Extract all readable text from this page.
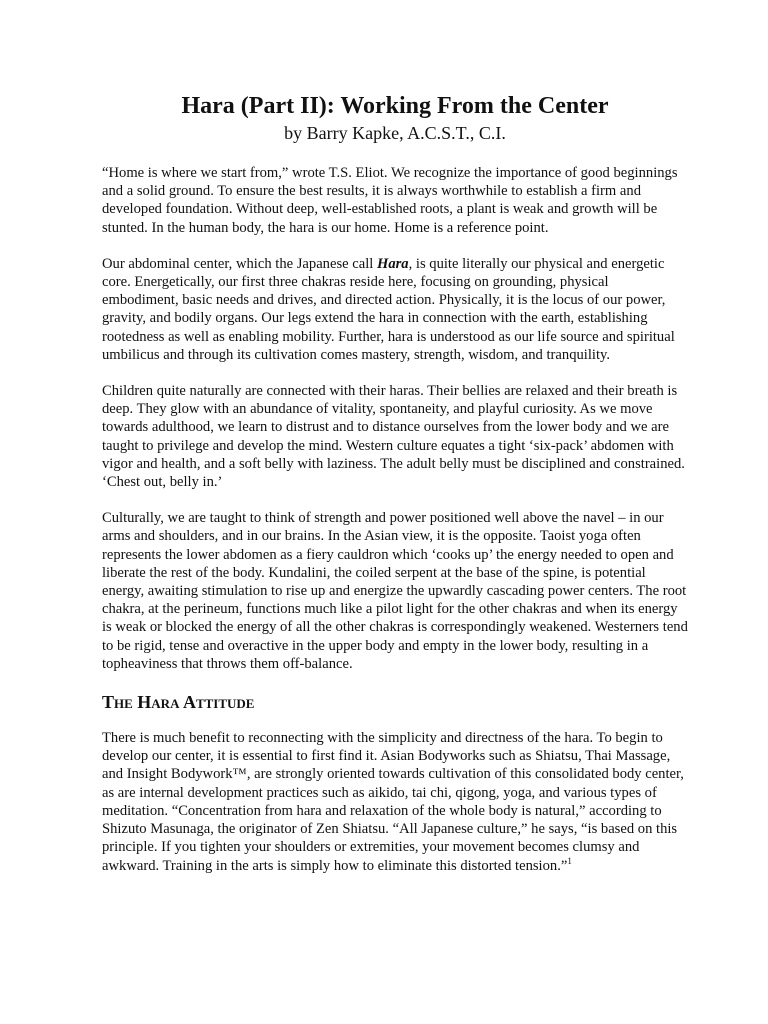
Hara (Part II): Working From the Center
by Barry Kapke, A.C.S.T., C.I.

“Home is where we start from,” wrote T.S. Eliot. We recognize the importance of good beginnings and a solid ground. To ensure the best results, it is always worthwhile to establish a firm and developed foundation. Without deep, well-established roots, a plant is weak and growth will be stunted. In the human body, the hara is our home. Home is a reference point.

Our abdominal center, which the Japanese call Hara, is quite literally our physical and energetic core. Energetically, our first three chakras reside here, focusing on grounding, physical embodiment, basic needs and drives, and directed action. Physically, it is the locus of our power, gravity, and bodily organs. Our legs extend the hara in connection with the earth, establishing rootedness as well as enabling mobility. Further, hara is understood as our life source and spiritual umbilicus and through its cultivation comes mastery, strength, wisdom, and tranquility.

Children quite naturally are connected with their haras. Their bellies are relaxed and their breath is deep. They glow with an abundance of vitality, spontaneity, and playful curiosity. As we move towards adulthood, we learn to distrust and to distance ourselves from the lower body and we are taught to privilege and develop the mind. Western culture equates a tight ‘six-pack’ abdomen with vigor and health, and a soft belly with laziness. The adult belly must be disciplined and constrained. ‘Chest out, belly in.’

Culturally, we are taught to think of strength and power positioned well above the navel – in our arms and shoulders, and in our brains. In the Asian view, it is the opposite. Taoist yoga often represents the lower abdomen as a fiery cauldron which ‘cooks up’ the energy needed to open and liberate the rest of the body. Kundalini, the coiled serpent at the base of the spine, is potential energy, awaiting stimulation to rise up and energize the upwardly cascading power centers. The root chakra, at the perineum, functions much like a pilot light for the other chakras and when its energy is weak or blocked the energy of all the other chakras is correspondingly weakened. Westerners tend to be rigid, tense and overactive in the upper body and empty in the lower body, resulting in a topheaviness that throws them off-balance.

The Hara Attitude

There is much benefit to reconnecting with the simplicity and directness of the hara. To begin to develop our center, it is essential to first find it. Asian Bodyworks such as Shiatsu, Thai Massage, and Insight Bodywork™, are strongly oriented towards cultivation of this consolidated body center, as are internal development practices such as aikido, tai chi, qigong, yoga, and various types of meditation. “Concentration from hara and relaxation of the whole body is natural,” according to Shizuto Masunaga, the originator of Zen Shiatsu. “All Japanese culture,” he says, “is based on this principle. If you tighten your shoulders or extremities, your movement becomes clumsy and awkward. Training in the arts is simply how to eliminate this distorted tension.”$^1$
